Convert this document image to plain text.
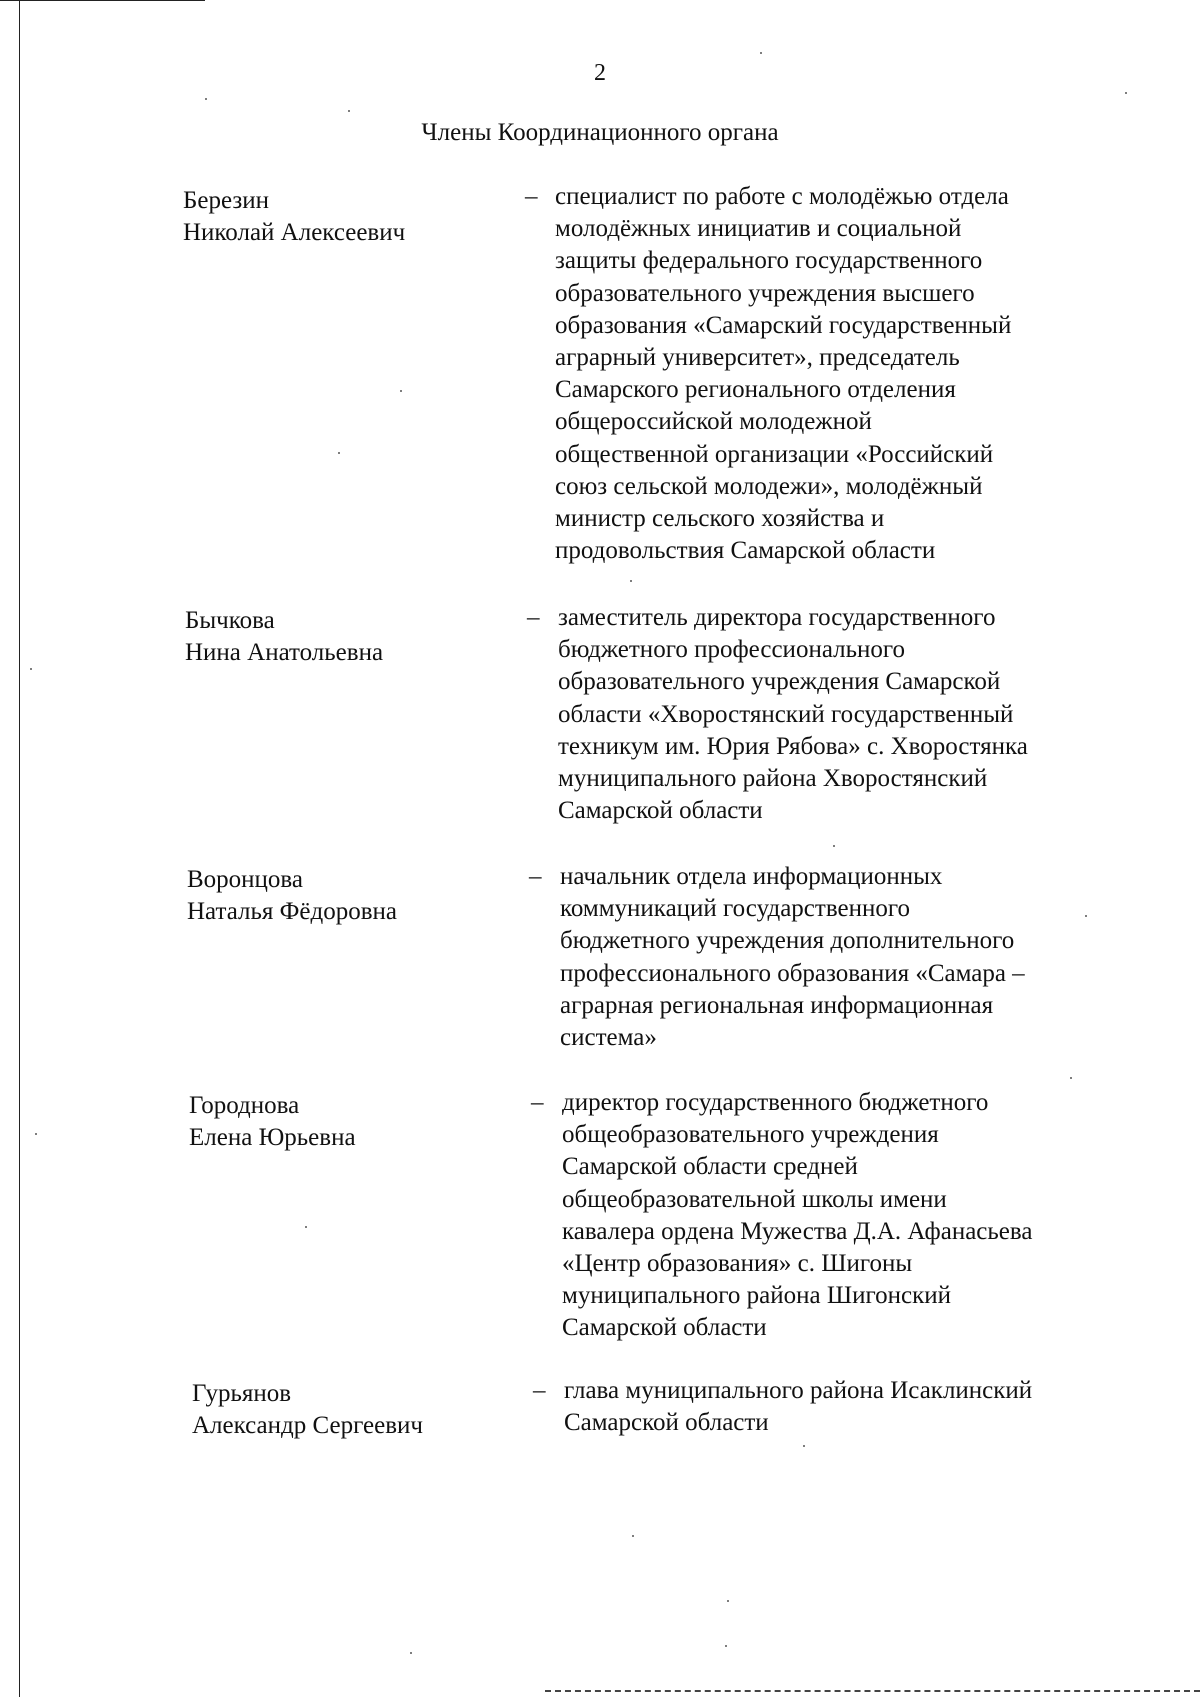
2
Члены Координационного органа
Березин
Николай Алексеевич
– специалист по работе с молодёжью отдела
молодёжных инициатив и социальной
защиты федерального государственного
образовательного учреждения высшего
образования «Самарский государственный
аграрный университет», председатель
Самарского регионального отделения
общероссийской молодежной
общественной организации «Российский
союз сельской молодежи», молодёжный
министр сельского хозяйства и
продовольствия Самарской области
Бычкова
Нина Анатольевна
– заместитель директора государственного
бюджетного профессионального
образовательного учреждения Самарской
области «Хворостянский государственный
техникум им. Юрия Рябова» с. Хворостянка
муниципального района Хворостянский
Самарской области
Воронцова
Наталья Фёдоровна
– начальник отдела информационных
коммуникаций государственного
бюджетного учреждения дополнительного
профессионального образования «Самара –
аграрная региональная информационная
система»
Городнова
Елена Юрьевна
– директор государственного бюджетного
общеобразовательного учреждения
Самарской области средней
общеобразовательной школы имени
кавалера ордена Мужества Д.А. Афанасьева
«Центр образования» с. Шигоны
муниципального района Шигонский
Самарской области
Гурьянов
Александр Сергеевич
– глава муниципального района Исаклинский
Самарской области
